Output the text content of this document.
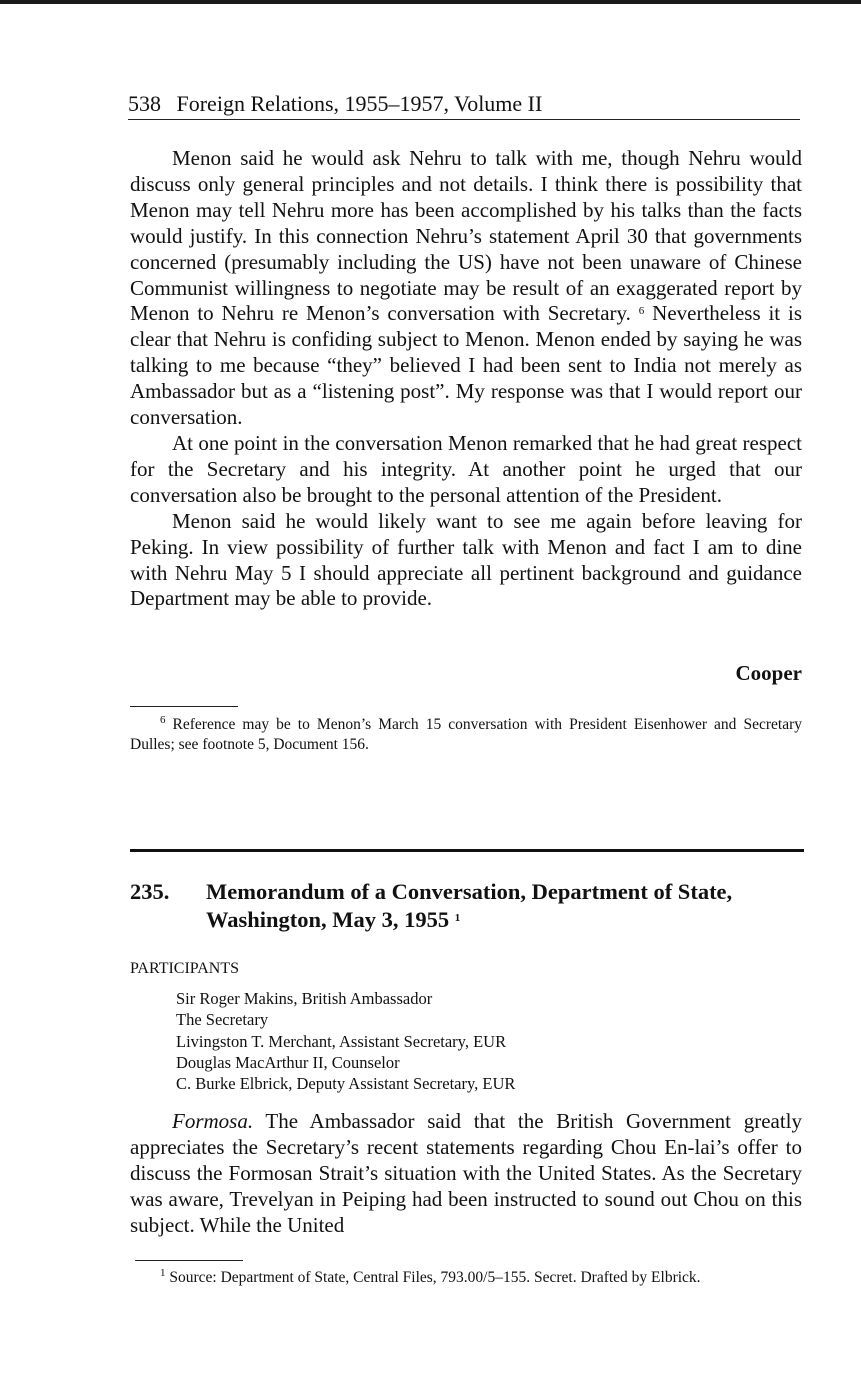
538 Foreign Relations, 1955–1957, Volume II

Menon said he would ask Nehru to talk with me, though Nehru would discuss only general principles and not details. I think there is possibility that Menon may tell Nehru more has been accomplished by his talks than the facts would justify. In this connection Nehru’s statement April 30 that governments concerned (presumably including the US) have not been unaware of Chinese Communist willingness to negotiate may be result of an exaggerated report by Menon to Nehru re Menon’s conversation with Secretary. $^6$ Nevertheless it is clear that Nehru is confiding subject to Menon. Menon ended by saying he was talking to me because “they” believed I had been sent to India not merely as Ambassador but as a “listening post”. My response was that I would report our conversation.

At one point in the conversation Menon remarked that he had great respect for the Secretary and his integrity. At another point he urged that our conversation also be brought to the personal attention of the President.

Menon said he would likely want to see me again before leaving for Peking. In view possibility of further talk with Menon and fact I am to dine with Nehru May 5 I should appreciate all pertinent background and guidance Department may be able to provide.

Cooper
$^6$ Reference may be to Menon’s March 15 conversation with President Eisenhower and Secretary Dulles; see footnote 5, Document 156.
235. Memorandum of a Conversation, Department of State, Washington, May 3, 1955 $^1$
PARTICIPANTS
Sir Roger Makins, British Ambassador
The Secretary
Livingston T. Merchant, Assistant Secretary, EUR
Douglas MacArthur II, Counselor
C. Burke Elbrick, Deputy Assistant Secretary, EUR

Formosa. The Ambassador said that the British Government greatly appreciates the Secretary’s recent statements regarding Chou En-lai’s offer to discuss the Formosan Strait’s situation with the United States. As the Secretary was aware, Trevelyan in Peiping had been instructed to sound out Chou on this subject. While the United

$^1$ Source: Department of State, Central Files, 793.00/5–155. Secret. Drafted by Elbrick.
